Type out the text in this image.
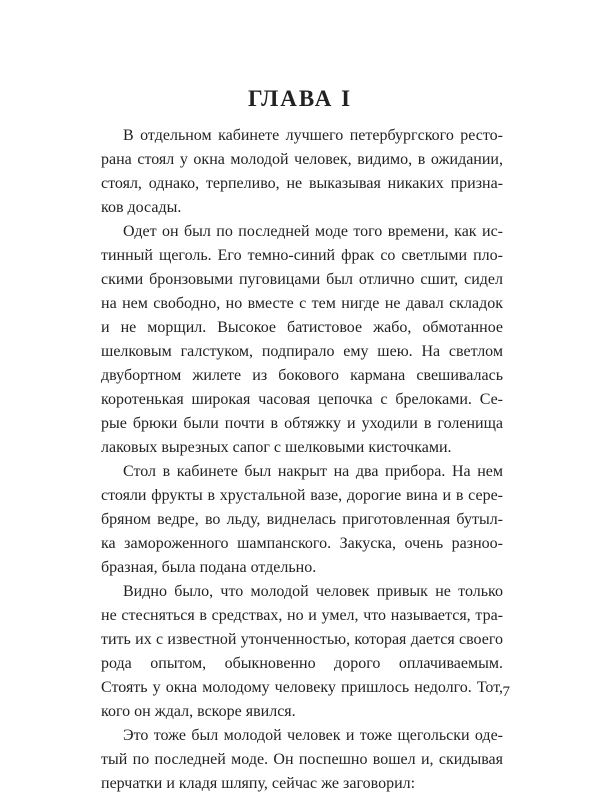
ГЛАВА I

В отдельном кабинете лучшего петербургского ресто-
рана стоял у окна молодой человек, видимо, в ожидании,
стоял, однако, терпеливо, не выказывая никаких призна-
ков досады.

Одет он был по последней моде того времени, как ис-
тинный щеголь. Его темно-синий фрак со светлыми пло-
скими бронзовыми пуговицами был отлично сшит, сидел
на нем свободно, но вместе с тем нигде не давал складок
и не морщил. Высокое батистовое жабо, обмотанное
шелковым галстуком, подпирало ему шею. На светлом
двубортном жилете из бокового кармана свешивалась
коротенькая широкая часовая цепочка с брелоками. Се-
рые брюки были почти в обтяжку и уходили в голенища
лаковых вырезных сапог с шелковыми кисточками.

Стол в кабинете был накрыт на два прибора. На нем
стояли фрукты в хрустальной вазе, дорогие вина и в сере-
бряном ведре, во льду, виднелась приготовленная бутыл-
ка замороженного шампанского. Закуска, очень разноо-
бразная, была подана отдельно.

Видно было, что молодой человек привык не только
не стесняться в средствах, но и умел, что называется, тра-
тить их с известной утонченностью, которая дается своего
рода опытом, обыкновенно дорого оплачиваемым.
Стоять у окна молодому человеку пришлось недолго. Тот,
кого он ждал, вскоре явился.

Это тоже был молодой человек и тоже щегольски оде-
тый по последней моде. Он поспешно вошел и, скидывая
перчатки и кладя шляпу, сейчас же заговорил:

7
